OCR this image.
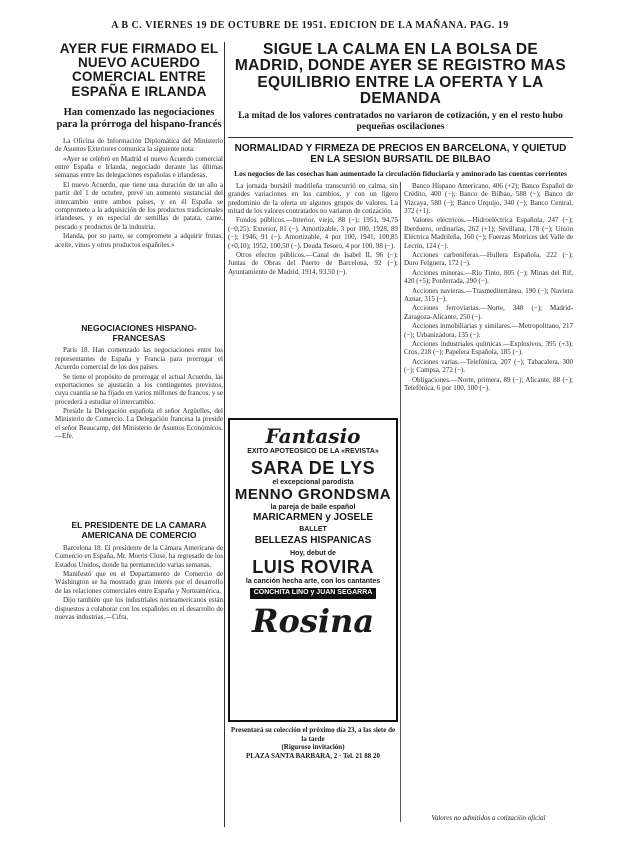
A B C. VIERNES 19 DE OCTUBRE DE 1951. EDICION DE LA MAÑANA. PAG. 19
AYER FUE FIRMADO EL NUEVO ACUERDO COMERCIAL ENTRE ESPAÑA E IRLANDA
Han comenzado las negociaciones para la prórroga del hispano-francés

La Oficina de Información Diplomática del Ministerio de Asuntos Exteriores comunica la siguiente nota:

«Ayer se celebró en Madrid el nuevo Acuerdo comercial entre España e Irlanda, negociado durante las últimas semanas entre las delegaciones españolas e irlandesas.

El nuevo Acuerdo, que tiene una duración de un año a partir del 1 de octubre, prevé un aumento sustancial del intercambio entre ambos países, y en él España se compromete a la adquisición de los productos tradicionales irlandeses, y en especial de semillas de patata, carne, pescado y productos de la industria.

Irlanda, por su parte, se compromete a adquirir frutas, aceite, vinos y otros productos españoles.»

NEGOCIACIONES HISPANO-FRANCESAS

París 18. Han comenzado las negociaciones entre los representantes de España y Francia para prorrogar el Acuerdo comercial de los dos países.

Se tiene el propósito de prorrogar el actual Acuerdo, las exportaciones se ajustarán a los contingentes previstos, cuya cuantía se ha fijado en varios millones de francos, y se procederá a estudiar el intercambio.

Preside la Delegación española el señor Argüelles, del Ministerio de Comercio. La Delegación francesa la preside el señor Beaucamp, del Ministerio de Asuntos Económicos.—Efe.

EL PRESIDENTE DE LA CAMARA AMERICANA DE COMERCIO

Barcelona 18. El presidente de la Cámara Americana de Comercio en España, Mr. Morris Close, ha regresado de los Estados Unidos, donde ha permanecido varias semanas.

Manifestó que en el Departamento de Comercio de Wáshington se ha mostrado gran interés por el desarrollo de las relaciones comerciales entre España y Norteamérica.

Dijo también que los industriales norteamericanos están dispuestos a colaborar con los españoles en el desarrollo de nuevas industrias.—Cifra.

SIGUE LA CALMA EN LA BOLSA DE MADRID, DONDE AYER SE REGISTRO MAS EQUILIBRIO ENTRE LA OFERTA Y LA DEMANDA
La mitad de los valores contratados no variaron de cotización, y en el resto hubo pequeñas oscilaciones
NORMALIDAD Y FIRMEZA DE PRECIOS EN BARCELONA, Y QUIETUD EN LA SESION BURSATIL DE BILBAO
Los negocios de las cosechas han aumentado la circulación fiduciaria y aminorado las cuentas corrientes

La jornada bursátil madrileña transcurrió en calma, sin grandes variaciones en los cambios, y con un ligero predominio de la oferta en algunos grupos de valores. La mitad de los valores contratados no variaron de cotización.

Fondos públicos.—Interior, viejo, 88 (−); 1951, 94,75 (−0,25). Exterior, 81 (−). Amortizable, 3 por 100, 1928, 89 (−); 1946, 91 (−). Amortizable, 4 por 100, 1941, 100,85 (+0,10); 1952, 100,50 (−). Deuda Tesoro, 4 por 100, 98 (−).

Otros efectos públicos.—Canal de Isabel II, 96 (−); Juntas de Obras del Puerto de Barcelona, 92 (−); Ayuntamiento de Madrid, 1914, 93,50 (−).

Banco Hispano Americano, 406 (+2); Banco Español de Crédito, 400 (−); Banco de Bilbao, 588 (−); Banco de Vizcaya, 580 (−); Banco Urquijo, 340 (−); Banco Central, 372 (+1).

Valores eléctricos.—Hidroeléctrica Española, 247 (−); Iberduero, ordinarias, 262 (+1); Sevillana, 178 (−); Unión Eléctrica Madrileña, 160 (−); Fuerzas Motrices del Valle de Lecrín, 124 (−).

Acciones carboníferas.—Hullera Española, 222 (−); Duro Felguera, 172 (−).

Acciones mineras.—Río Tinto, 805 (−); Minas del Rif, 420 (+5); Ponferrada, 290 (−).

Acciones navieras.—Trasmediterránea, 190 (−); Naviera Aznar, 315 (−).

Acciones ferroviarias.—Norte, 348 (−); Madrid-Zaragoza-Alicante, 250 (−).

Acciones inmobiliarias y similares.—Metropolitano, 217 (−); Urbanizadora, 135 (−).

Acciones industriales químicas.—Explosivos, 395 (+3); Cros, 218 (−); Papelera Española, 185 (−).

Acciones varias.—Telefónica, 207 (−); Tabacalera, 300 (−); Campsa, 272 (−).

Obligaciones.—Norte, primera, 89 (−); Alicante, 88 (−); Telefónica, 6 por 100, 100 (−).

Fantasio
EXITO APOTEOSICO DE LA «REVISTA»
SARA DE LYS
el excepcional parodista
MENNO GRONDSMA
la pareja de baile español
MARICARMEN y JOSELE
BALLET
BELLEZAS HISPANICAS
Hoy, debut de
LUIS ROVIRA
la canción hecha arte, con los cantantes
CONCHITA LINO y JUAN SEGARRA
Rosina
Presentará su colección el próximo día 23, a las siete de la tarde
(Riguroso invitación)
PLAZA SANTA BARBARA, 2 · Tel. 21 88 20
Valores no admitidos a cotización oficial
